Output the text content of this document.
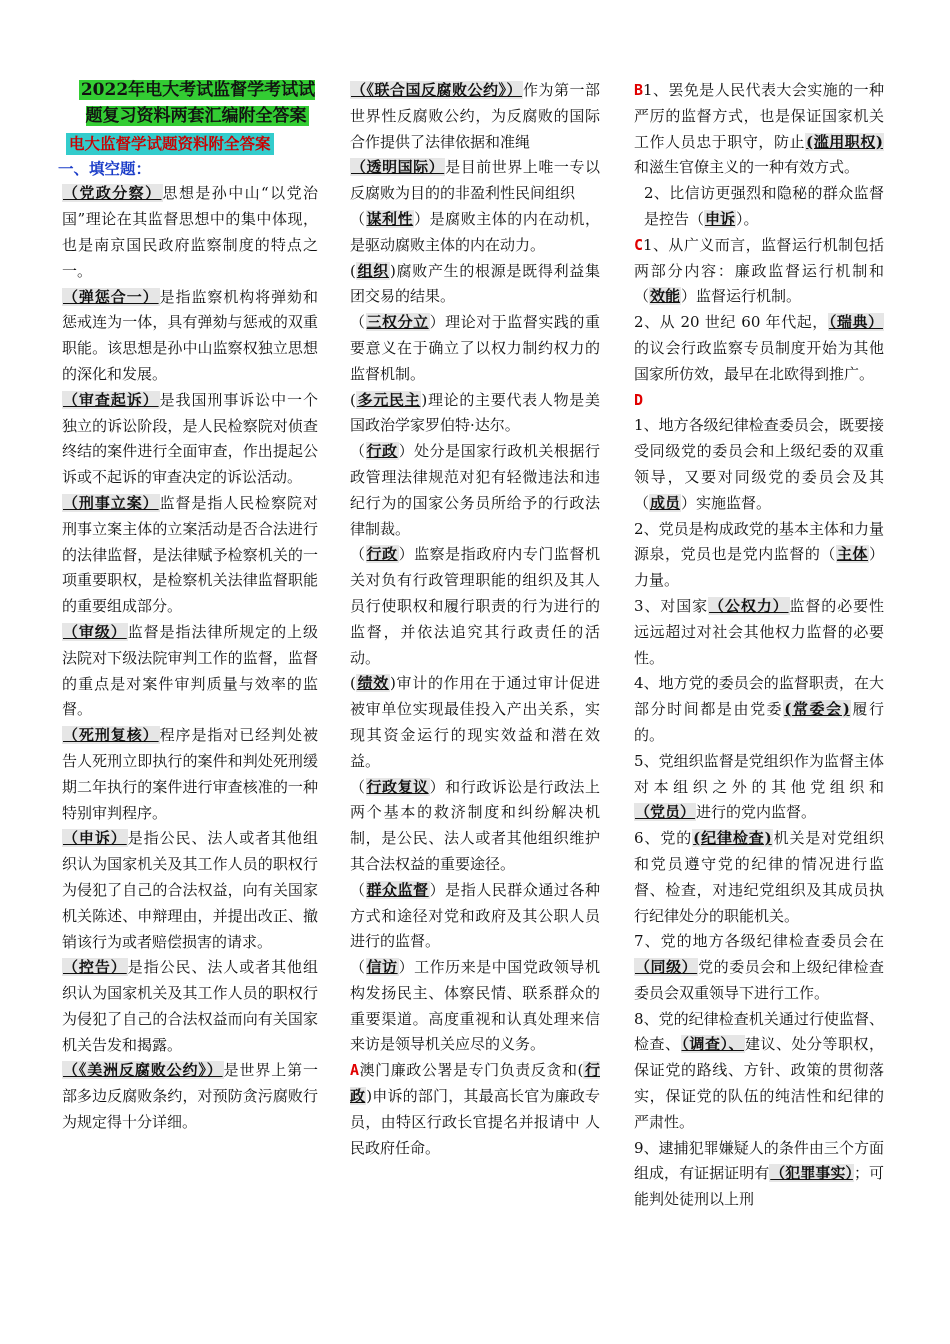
2022年电大考试监督学考试试题复习资料两套汇编附全答案
电大监督学试题资料附全答案
一、填空题：

（党政分察）思想是孙中山“以党治国”理论在其监督思想中的集中体现，也是南京国民政府监察制度的特点之一。

（弹惩合一）是指监察机构将弹劾和惩戒连为一体，具有弹劾与惩戒的双重职能。该思想是孙中山监察权独立思想的深化和发展。

（审查起诉）是我国刑事诉讼中一个独立的诉讼阶段，是人民检察院对侦查终结的案件进行全面审查，作出提起公诉或不起诉的审查决定的诉讼活动。

（刑事立案）监督是指人民检察院对刑事立案主体的立案活动是否合法进行的法律监督，是法律赋予检察机关的一项重要职权，是检察机关法律监督职能的重要组成部分。

（审级）监督是指法律所规定的上级法院对下级法院审判工作的监督，监督的重点是对案件审判质量与效率的监督。

（死刑复核）程序是指对已经判处被告人死刑立即执行的案件和判处死刑缓期二年执行的案件进行审查核准的一种特别审判程序。

（申诉）是指公民、法人或者其他组织认为国家机关及其工作人员的职权行为侵犯了自己的合法权益，向有关国家机关陈述、申辩理由，并提出改正、撤销该行为或者赔偿损害的请求。

（控告）是指公民、法人或者其他组织认为国家机关及其工作人员的职权行为侵犯了自己的合法权益而向有关国家机关告发和揭露。

（《美洲反腐败公约》）是世界上第一部多边反腐败条约，对预防贪污腐败行为规定得十分详细。

（《联合国反腐败公约》）作为第一部世界性反腐败公约，为反腐败的国际合作提供了法律依据和准绳

（透明国际）是目前世界上唯一专以反腐败为目的的非盈利性民间组织

（谋利性）是腐败主体的内在动机，是驱动腐败主体的内在动力。

(组织)腐败产生的根源是既得利益集团交易的结果。

（三权分立）理论对于监督实践的重要意义在于确立了以权力制约权力的监督机制。

(多元民主)理论的主要代表人物是美国政治学家罗伯特·达尔。

（行政）处分是国家行政机关根据行政管理法律规范对犯有轻微违法和违纪行为的国家公务员所给予的行政法律制裁。

（行政）监察是指政府内专门监督机关对负有行政管理职能的组织及其人员行使职权和履行职责的行为进行的监督，并依法追究其行政责任的活动。

(绩效)审计的作用在于通过审计促进被审单位实现最佳投入产出关系，实现其资金运行的现实效益和潜在效益。

（行政复议）和行政诉讼是行政法上两个基本的救济制度和纠纷解决机制，是公民、法人或者其他组织维护其合法权益的重要途径。

（群众监督）是指人民群众通过各种方式和途径对党和政府及其公职人员进行的监督。

（信访）工作历来是中国党政领导机构发扬民主、体察民情、联系群众的重要渠道。高度重视和认真处理来信来访是领导机关应尽的义务。

A澳门廉政公署是专门负责反贪和(行政)申诉的部门，其最高长官为廉政专员，由特区行政长官提名并报请中 人民政府任命。

B1、罢免是人民代表大会实施的一种严厉的监督方式，也是保证国家机关工作人员忠于职守，防止(滥用职权)和滋生官僚主义的一种有效方式。

2、比信访更强烈和隐秘的群众监督是控告（申诉）。

C1、从广义而言，监督运行机制包括两部分内容：廉政监督运行机制和（效能）监督运行机制。

2、从 20 世纪 60 年代起，（瑞典）的议会行政监察专员制度开始为其他国家所仿效，最早在北欧得到推广。

D

1、地方各级纪律检查委员会，既要接受同级党的委员会和上级纪委的双重领导，又要对同级党的委员会及其（成员）实施监督。

2、党员是构成政党的基本主体和力量源泉，党员也是党内监督的（主体）力量。

3、对国家（公权力）监督的必要性远远超过对社会其他权力监督的必要性。

4、地方党的委员会的监督职责，在大部分时间都是由党委(常委会)履行的。

5、党组织监督是党组织作为监督主体对本组织之外的其他党组织和（党员）进行的党内监督。

6、党的(纪律检查)机关是对党组织和党员遵守党的纪律的情况进行监督、检查，对违纪党组织及其成员执行纪律处分的职能机关。

7、党的地方各级纪律检查委员会在（同级）党的委员会和上级纪律检查委员会双重领导下进行工作。

8、党的纪律检查机关通过行使监督、检查、（调查）、建议、处分等职权，保证党的路线、方针、政策的贯彻落实，保证党的队伍的纯洁性和纪律的严肃性。

9、逮捕犯罪嫌疑人的条件由三个方面组成，有证据证明有（犯罪事实）；可能判处徒刑以上刑
